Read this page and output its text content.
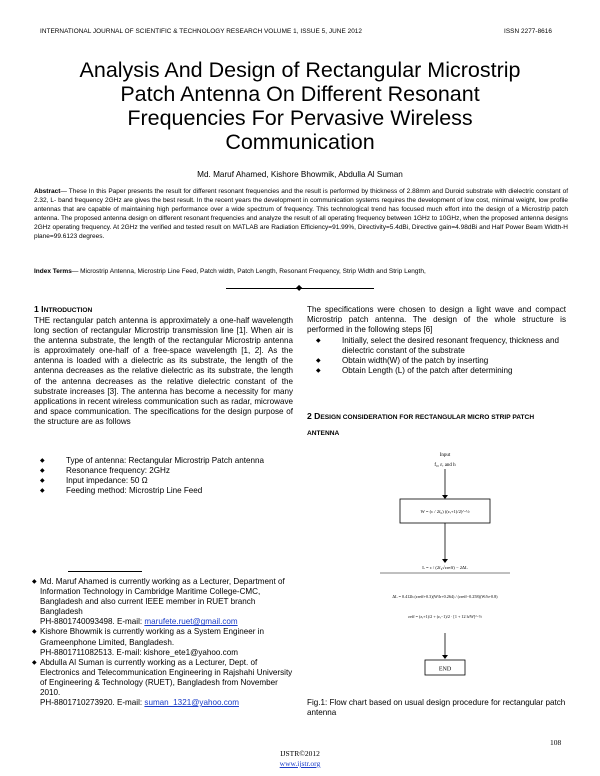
INTERNATIONAL JOURNAL OF SCIENTIFIC & TECHNOLOGY RESEARCH VOLUME 1, ISSUE 5, JUNE 2012	ISSN 2277-8616
Analysis And Design of Rectangular Microstrip
Patch Antenna On Different Resonant
Frequencies For Pervasive Wireless
Communication
Md. Maruf Ahamed, Kishore Bhowmik, Abdulla Al Suman
Abstract— These In this Paper presents the result for different resonant frequencies and the result is performed by thickness of 2.88mm and Duroid substrate with dielectric constant of 2.32, L- band frequency 2GHz are gives the best result. In the recent years the development in communication systems requires the development of low cost, minimal weight, low profile antennas that are capable of maintaining high performance over a wide spectrum of frequency. This technological trend has focused much effort into the design of a Microstrip patch antenna. The proposed antenna design on different resonant frequencies and analyze the result of all operating frequency between 1GHz to 10GHz, when the proposed antenna designs 2GHz operating frequency. At 2GHz the verified and tested result on MATLAB are Radiation Efficiency=91.99%, Directivity=5.4dBi, Directive gain=4.98dBi and Half Power Beam Width-H plane=99.6123 degrees.
Index Terms— Microstrip Antenna, Microstrip Line Feed, Patch width, Patch Length, Resonant Frequency, Strip Width and Strip Length,
◆
1 INTRODUCTION
THE rectangular patch antenna is approximately a one-half wavelength long section of rectangular Microstrip transmission line [1]. When air is the antenna substrate, the length of the rectangular Microstrip antenna is approximately one-half of a free-space wavelength [1, 2]. As the antenna is loaded with a dielectric as its substrate, the length of the antenna decreases as the relative dielectric as its substrate, the length of the antenna decreases as the relative dielectric constant of the substrate increases [3]. The antenna has become a necessity for many applications in recent wireless communication such as radar, microwave and space communication. The specifications for the design purpose of the structure are as follows
◆	Type of antenna: Rectangular Microstrip Patch antenna
◆	Resonance frequency: 2GHz
◆	Input impedance: 50 Ω
◆	Feeding method: Microstrip Line Feed
◆ Md. Maruf Ahamed is currently working as a Lecturer, Department of Information Technology in Cambridge Maritime College-CMC, Bangladesh and also current IEEE member in RUET branch Bangladesh
PH-8801740093498. E-mail: marufete.ruet@gmail.com
◆ Kishore Bhowmik is currently working as a System Engineer in Grameenphone Limited, Bangladesh.
PH-8801711082513. E-mail: kishore_ete1@yahoo.com
◆ Abdulla Al Suman is currently working as a Lecturer, Dept. of Electronics and Telecommunication Engineering in Rajshahi University of Engineering & Technology (RUET), Bangladesh from November 2010.
PH-8801710273920. E-mail: suman_1321@yahoo.com
The specifications were chosen to design a light wave and compact Microstrip patch antenna. The design of the whole structure is performed in the following steps [6]
◆	Initially, select the desired resonant frequency, thickness and dielectric constant of the substrate
◆	Obtain width(W) of the patch by inserting
◆	Obtain Length (L) of the patch after determining
2 DESIGN CONSIDERATION FOR RECTANGULAR MICRO STRIP PATCH ANTENNA
Input
f₀, εᵣ and h
W = (c / 2f₀) ((εᵣ+1)/2)^-½
L = c / (2f₀√εreff) − 2ΔL
ΔL = 0.412h (εreff+0.3)(W/h+0.264) / (εreff−0.258)(W/h+0.8)
εeff = (εᵣ+1)/2 + (εᵣ−1)/2 · [1 + 12 h/W]^-½
END
Fig.1: Flow chart based on usual design procedure for rectangular patch antenna
108
IJSTR©2012
www.ijstr.org
